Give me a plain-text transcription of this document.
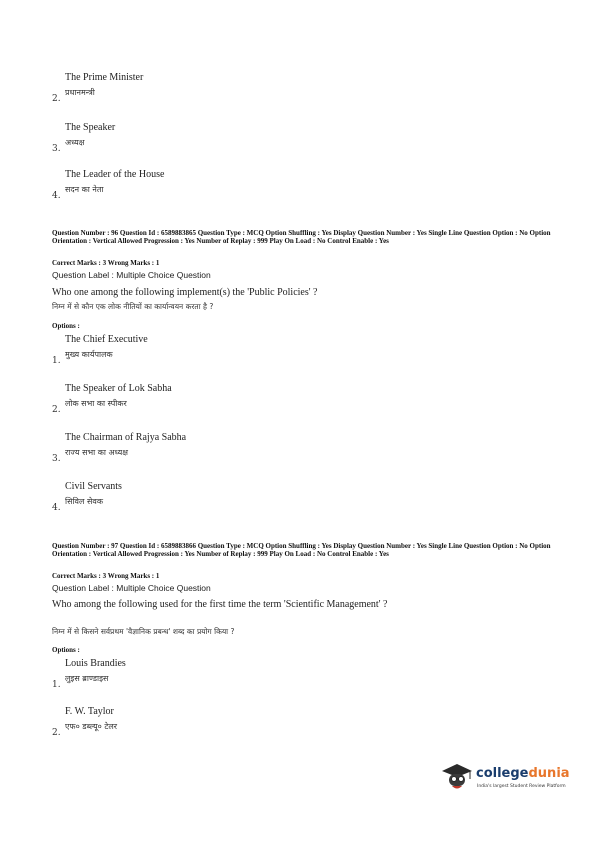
The Prime Minister
2.
प्रधानमन्त्री
The Speaker
3.
अध्यक्ष
The Leader of the House
4.
सदन का नेता
Question Number : 96 Question Id : 6589883865 Question Type : MCQ Option Shuffling : Yes Display Question Number : Yes Single Line Question Option : No Option Orientation : Vertical Allowed Progression : Yes Number of Replay : 999 Play On Load : No Control Enable : Yes
Correct Marks : 3 Wrong Marks : 1
Question Label : Multiple Choice Question
Who one among the following implement(s) the 'Public Policies' ?
निम्न में से कौन एक लोक नीतियों का कार्यान्वयन करता है ?
Options :
The Chief Executive
1.
मुख्य कार्यपालक
The Speaker of Lok Sabha
2.
लोक सभा का स्पीकर
The Chairman of Rajya Sabha
3.
राज्य सभा का अध्यक्ष
Civil Servants
4.
सिविल सेवक
Question Number : 97 Question Id : 6589883866 Question Type : MCQ Option Shuffling : Yes Display Question Number : Yes Single Line Question Option : No Option Orientation : Vertical Allowed Progression : Yes Number of Replay : 999 Play On Load : No Control Enable : Yes
Correct Marks : 3 Wrong Marks : 1
Question Label : Multiple Choice Question
Who among the following used for the first time the term 'Scientific Management' ?
निम्न में से किसने सर्वप्रथम 'वैज्ञानिक प्रबन्ध' शब्द का प्रयोग किया ?
Options :
Louis Brandies
1.
लुइस ब्राण्डाइस
F. W. Taylor
2.
एफ० डब्ल्यू० टेलर
collegedunia
India's largest Student Review Platform
